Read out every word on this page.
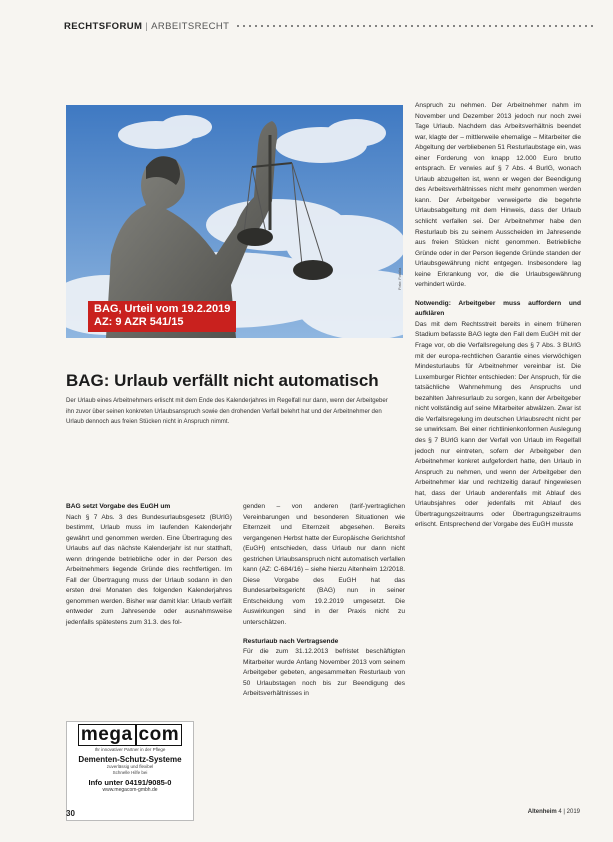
RECHTSFORUM | ARBEITSRECHT
BAG, Urteil vom 19.2.2019
AZ: 9 AZR 541/15
Foto: Fotolia
BAG: Urlaub verfällt nicht automatisch
Der Urlaub eines Arbeitnehmers erlischt mit dem Ende des Kalenderjahres im Regelfall nur dann, wenn der Arbeitgeber ihn zuvor über seinen konkreten Urlaubsanspruch sowie den drohenden Verfall belehrt hat und der Arbeitnehmer den Urlaub dennoch aus freien Stücken nicht in Anspruch nimmt.

BAG setzt Vorgabe des EuGH um

Nach § 7 Abs. 3 des Bundesurlaubsgesetz (BUrlG) bestimmt, Urlaub muss im laufenden Kalenderjahr gewährt und genommen werden. Eine Übertragung des Urlaubs auf das nächste Kalenderjahr ist nur statthaft, wenn dringende betriebliche oder in der Person des Arbeitnehmers liegende Gründe dies rechtfertigen. Im Fall der Übertragung muss der Urlaub sodann in den ersten drei Monaten des folgenden Kalenderjahres genommen werden. Bisher war damit klar: Urlaub verfällt entweder zum Jahresende oder ausnahmsweise jedenfalls spätestens zum 31.3. des fol-

genden – von anderen (tarif-)vertraglichen Vereinbarungen und besonderen Situationen wie Elternzeit und Elternzeit abgesehen. Bereits vergangenen Herbst hatte der Europäische Gerichtshof (EuGH) entschieden, dass Urlaub nur dann nicht gestrichen Urlaubsanspruch nicht automatisch verfallen kann (AZ: C-684/16) – siehe hierzu Altenheim 12/2018. Diese Vorgabe des EuGH hat das Bundesarbeitsgericht (BAG) nun in seiner Entscheidung vom 19.2.2019 umgesetzt. Die Auswirkungen sind in der Praxis nicht zu unterschätzen.

Resturlaub nach Vertragsende

Für die zum 31.12.2013 befristet beschäftigten Mitarbeiter wurde Anfang November 2013 vom seinem Arbeitgeber gebeten, angesammelten Resturlaub von 50 Urlaubstagen noch bis zur Beendigung des Arbeitsverhältnisses in

Anspruch zu nehmen. Der Arbeitnehmer nahm im November und Dezember 2013 jedoch nur noch zwei Tage Urlaub. Nachdem das Arbeitsverhältnis beendet war, klagte der – mittlerweile ehemalige – Mitarbeiter die Abgeltung der verbliebenen 51 Resturlaubstage ein, was einer Forderung von knapp 12.000 Euro brutto entsprach. Er verwies auf § 7 Abs. 4 BurlG, wonach Urlaub abzugelten ist, wenn er wegen der Beendigung des Arbeitsverhältnisses nicht mehr genommen werden kann. Der Arbeitgeber verweigerte die begehrte Urlaubsabgeltung mit dem Hinweis, dass der Urlaub schlicht verfallen sei. Der Arbeitnehmer habe den Resturlaub bis zu seinem Ausscheiden im Jahresende aus freien Stücken nicht genommen. Betriebliche Gründe oder in der Person liegende Gründe standen der Urlaubsgewährung nicht entgegen. Insbesondere lag keine Erkrankung vor, die die Urlaubsgewährung verhindert würde.

Notwendig: Arbeitgeber muss auffordern und aufklären

Das mit dem Rechtsstreit bereits in einem früheren Stadium befasste BAG legte den Fall dem EuGH mit der Frage vor, ob die Verfallsregelung des § 7 Abs. 3 BUrlG mit der europa-rechtlichen Garantie eines vierwöchigen Mindesturlaubs für Arbeitnehmer vereinbar ist. Die Luxemburger Richter entschieden: Der Anspruch, für die tatsächliche Wahrnehmung des Anspruchs und bezahlten Jahresurlaub zu sorgen, kann der Arbeitgeber nicht vollständig auf seine Mitarbeiter abwälzen. Zwar ist die Verfallsregelung im deutschen Urlaubsrecht nicht per se unwirksam. Bei einer richtlinienkonformen Auslegung des § 7 BUrlG kann der Verfall von Urlaub im Regelfall jedoch nur eintreten, sofern der Arbeitgeber den Arbeitnehmer konkret aufgefordert hatte, den Urlaub in Anspruch zu nehmen, und wenn der Arbeitgeber den Arbeitnehmer klar und rechtzeitig darauf hingewiesen hat, dass der Urlaub anderenfalls mit Ablauf des Urlaubsjahres oder jedenfalls mit Ablauf des Übertragungszeitraums oder Übertragungszeitraums erlischt. Entsprechend der Vorgabe des EuGH musste

mega com
Ihr innovativer Partner in der Pflege
Dementen-Schutz-Systeme
zuverlässig und flexibel
Schnelle Hilfe bei
Info unter 04191/9085-0
www.megacom-gmbh.de
30	Altenheim 4 | 2019
